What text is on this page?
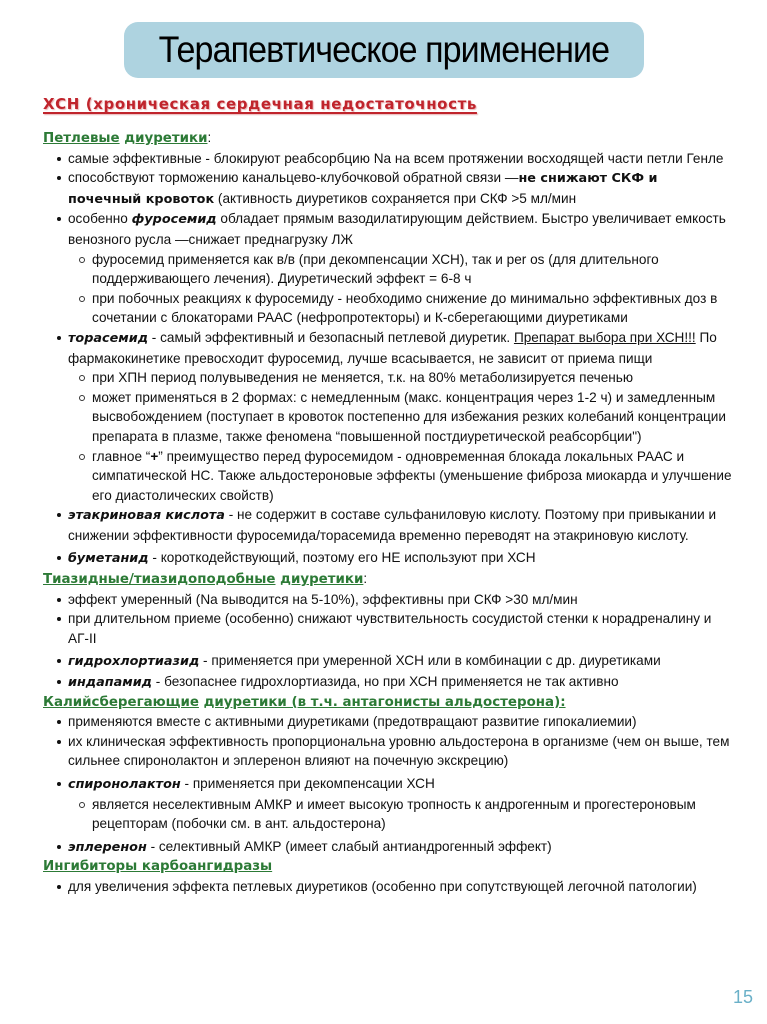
Терапевтическое применение
ХСН (хроническая сердечная недостаточность
Петлевые диуретики:
самые эффективные - блокируют реабсорбцию Na на всем протяжении восходящей части петли Генле
способствуют торможению канальцево-клубочковой обратной связи —не снижают СКФ и почечный кровоток (активность диуретиков сохраняется при СКФ >5 мл/мин
особенно фуросемид обладает прямым вазодилатирующим действием. Быстро увеличивает емкость венозного русла —снижает преднагрузку ЛЖ
фуросемид применяется как в/в (при декомпенсации ХСН), так и per os (для длительного поддерживающего лечения). Диуретический эффект = 6-8 ч
при побочных реакциях к фуросемиду - необходимо снижение до минимально эффективных доз в сочетании с блокаторами РААС (нефропротекторы) и К-сберегающими диуретиками
торасемид - самый эффективный и безопасный петлевой диуретик. Препарат выбора при ХСН!!! По фармакокинетике превосходит фуросемид, лучше всасывается, не зависит от приема пищи
при ХПН период полувыведения не меняется, т.к. на 80% метаболизируется печенью
может применяться в 2 формах: с немедленным (макс. концентрация через 1-2 ч) и замедленным высвобождением (поступает в кровоток постепенно для избежания резких колебаний концентрации препарата в плазме, также феномена “повышенной постдиуретической реабсорбции")
главное “+” преимущество перед фуросемидом - одновременная блокада локальных РААС и симпатической НС. Также альдостероновые эффекты (уменьшение фиброза миокарда и улучшение его диастолических свойств)
этакриновая кислота - не содержит в составе сульфаниловую кислоту. Поэтому при привыкании и снижении эффективности фуросемида/торасемида временно переводят на этакриновую кислоту.
буметанид - короткодействующий, поэтому его НЕ используют при ХСН
Тиазидные/тиазидоподобные диуретики:
эффект умеренный (Na выводится на 5-10%), эффективны при СКФ >30 мл/мин
при длительном приеме (особенно) снижают чувствительность сосудистой стенки к норадреналину и АГ-II
гидрохлортиазид - применяется при умеренной ХСН или в комбинации с др. диуретиками
индапамид - безопаснее гидрохлортиазида, но при ХСН применяется не так активно
Калийсберегающие диуретики (в т.ч. антагонисты альдостерона):
применяются вместе с активными диуретиками (предотвращают развитие гипокалиемии)
их клиническая эффективность пропорциональна уровню альдостерона в организме (чем он выше, тем сильнее спиронолактон и эплеренон влияют на почечную экскрецию)
спиронолактон - применяется при декомпенсации ХСН
является неселективным АМКР и имеет высокую тропность к андрогенным и прогестероновым рецепторам (побочки см. в ант. альдостерона)
эплеренон - селективный АМКР (имеет слабый антиандрогенный эффект)
Ингибиторы карбоангидразы
для увеличения эффекта петлевых диуретиков (особенно при сопутствующей легочной патологии)
15
